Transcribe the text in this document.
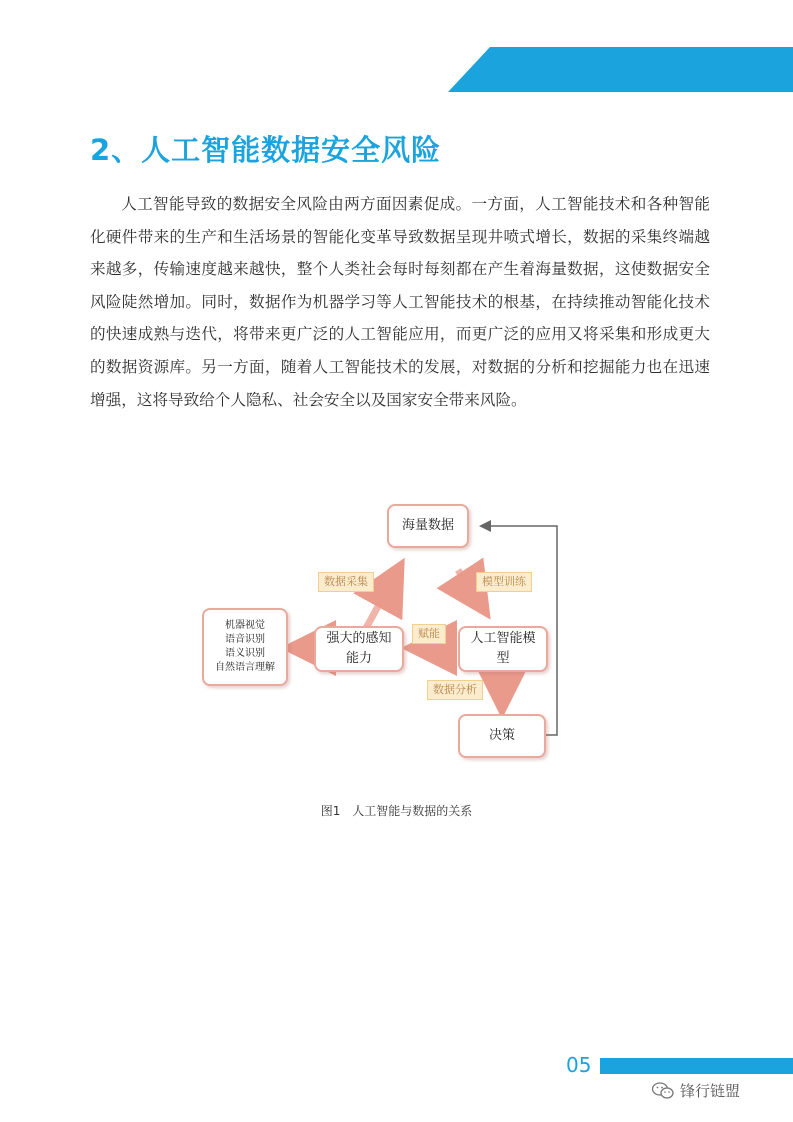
2、人工智能数据安全风险

人工智能导致的数据安全风险由两方面因素促成。一方面，人工智能技术和各种智能化硬件带来的生产和生活场景的智能化变革导致数据呈现井喷式增长，数据的采集终端越来越多，传输速度越来越快，整个人类社会每时每刻都在产生着海量数据，这使数据安全风险陡然增加。同时，数据作为机器学习等人工智能技术的根基，在持续推动智能化技术的快速成熟与迭代，将带来更广泛的人工智能应用，而更广泛的应用又将采集和形成更大的数据资源库。另一方面，随着人工智能技术的发展，对数据的分析和挖掘能力也在迅速增强，这将导致给个人隐私、社会安全以及国家安全带来风险。

海量数据
人工智能模
型
强大的感知
能力
决策
机器视觉
语音识别
语义识别
自然语言理解
数据采集	模型训练
赋能
数据分析
图1 人工智能与数据的关系
05
锋行链盟
